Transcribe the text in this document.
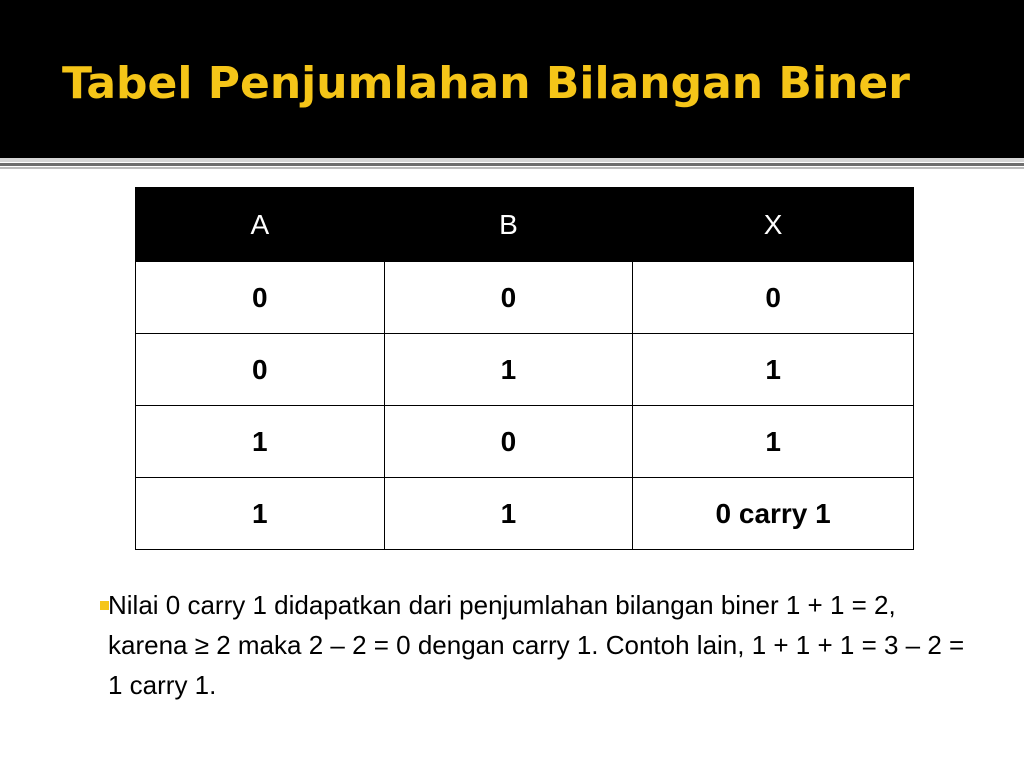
Tabel Penjumlahan Bilangan Biner
A	B	X
0	0	0
0	1	1
1	0	1
1	1	0 carry 1
Nilai 0 carry 1 didapatkan dari penjumlahan bilangan biner 1 + 1 = 2, karena ≥ 2 maka 2 – 2 = 0 dengan carry 1. Contoh lain, 1 + 1 + 1 = 3 – 2 = 1 carry 1.
